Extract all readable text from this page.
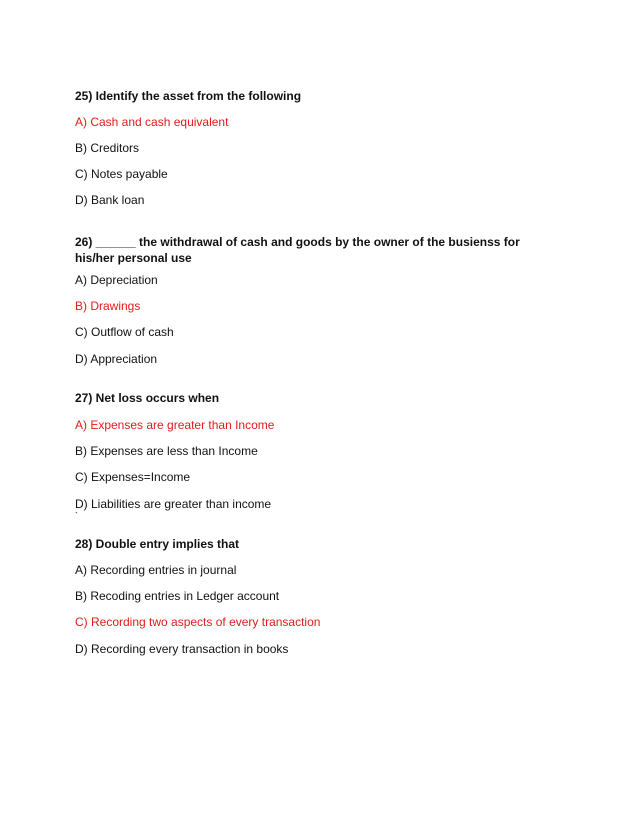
25) Identify the asset from the following
A) Cash and cash equivalent
B) Creditors
C) Notes payable
D) Bank loan
26) ______ the withdrawal of cash and goods by the owner of the busienss for his/her personal use
A) Depreciation
B) Drawings
C) Outflow of cash
D) Appreciation
27) Net loss occurs when
A) Expenses are greater than Income
B) Expenses are less than Income
C) Expenses=Income
D) Liabilities are greater than income
`
28) Double entry implies that
A) Recording entries in journal
B) Recoding entries in Ledger account
C) Recording two aspects of every transaction
D) Recording every transaction in books
